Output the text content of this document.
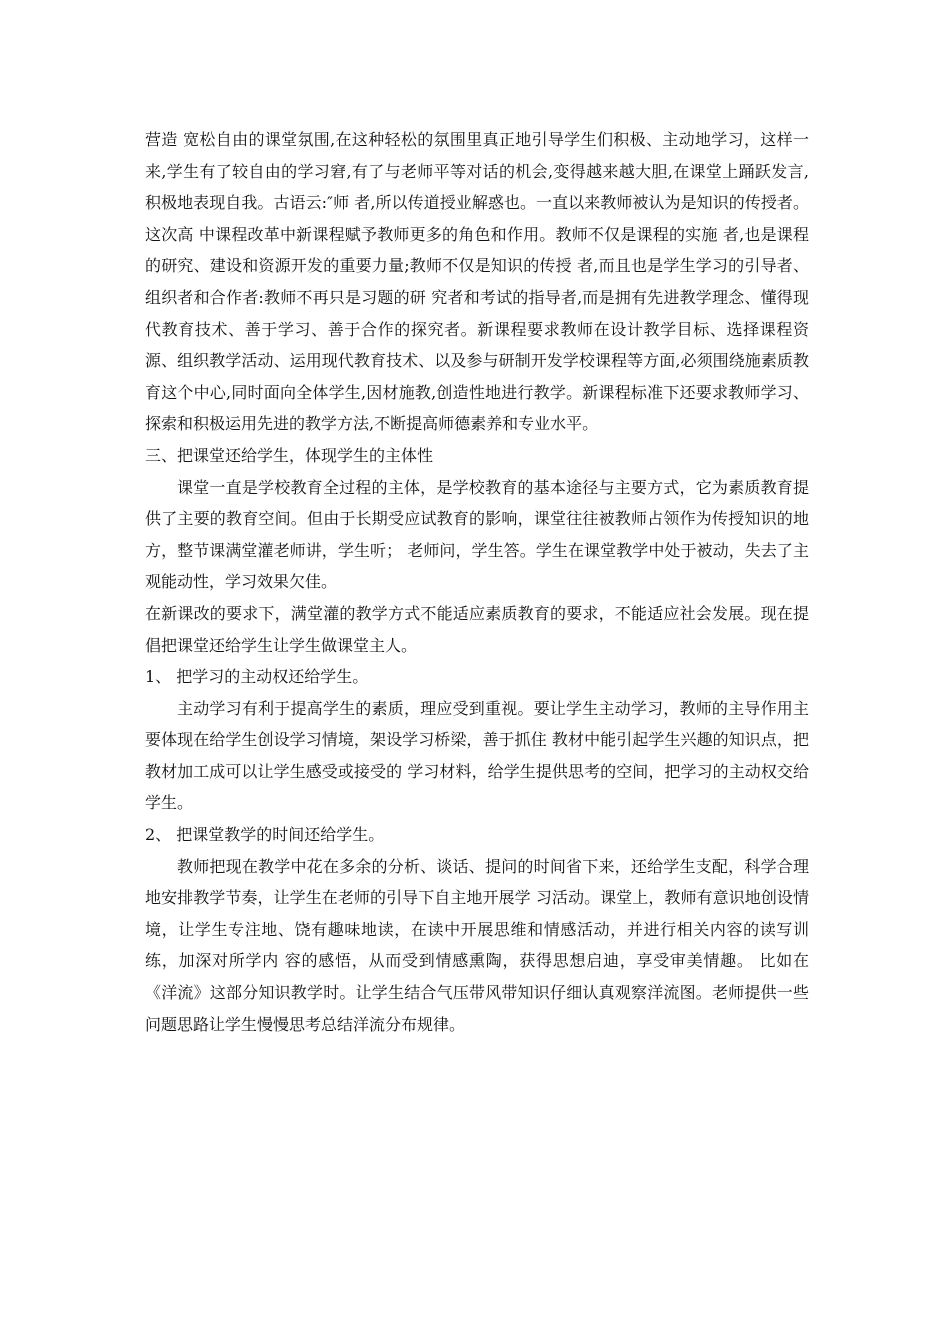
营造 宽松自由的课堂氛围,在这种轻松的氛围里真正地引导学生们积极、主动地学习，这样一来,学生有了较自由的学习窘,有了与老师平等对话的机会,变得越来越大胆,在课堂上踊跃发言,积极地表现自我。古语云:″师 者,所以传道授业解惑也。一直以来教师被认为是知识的传授者。这次高 中课程改革中新课程赋予教师更多的角色和作用。教师不仅是课程的实施 者,也是课程的研究、建设和资源开发的重要力量;教师不仅是知识的传授 者,而且也是学生学习的引导者、组织者和合作者:教师不再只是习题的研 究者和考试的指导者,而是拥有先进教学理念、懂得现代教育技术、善于学习、善于合作的探究者。新课程要求教师在设计教学目标、选择课程资 源、组织教学活动、运用现代教育技术、以及参与研制开发学校课程等方面,必须围绕施素质教育这个中心,同时面向全体学生,因材施教,创造性地进行教学。新课程标准下还要求教师学习、探索和积极运用先进的教学方法,不断提高师德素养和专业水平。

三、把课堂还给学生，体现学生的主体性

课堂一直是学校教育全过程的主体，是学校教育的基本途径与主要方式，它为素质教育提供了主要的教育空间。但由于长期受应试教育的影响，课堂往往被教师占领作为传授知识的地方，整节课满堂灌老师讲，学生听； 老师问，学生答。学生在课堂教学中处于被动，失去了主观能动性，学习效果欠佳。

在新课改的要求下，满堂灌的教学方式不能适应素质教育的要求，不能适应社会发展。现在提倡把课堂还给学生让学生做课堂主人。

1、 把学习的主动权还给学生。

主动学习有利于提高学生的素质，理应受到重视。要让学生主动学习，教师的主导作用主要体现在给学生创设学习情境，架设学习桥梁，善于抓住 教材中能引起学生兴趣的知识点，把教材加工成可以让学生感受或接受的 学习材料，给学生提供思考的空间，把学习的主动权交给学生。

2、 把课堂教学的时间还给学生。

教师把现在教学中花在多余的分析、谈话、提问的时间省下来，还给学生支配，科学合理地安排教学节奏，让学生在老师的引导下自主地开展学 习活动。课堂上，教师有意识地创设情境，让学生专注地、饶有趣味地读，在读中开展思维和情感活动，并进行相关内容的读写训练，加深对所学内 容的感悟，从而受到情感熏陶，获得思想启迪，享受审美情趣。 比如在《洋流》这部分知识教学时。让学生结合气压带风带知识仔细认真观察洋流图。老师提供一些问题思路让学生慢慢思考总结洋流分布规律。
